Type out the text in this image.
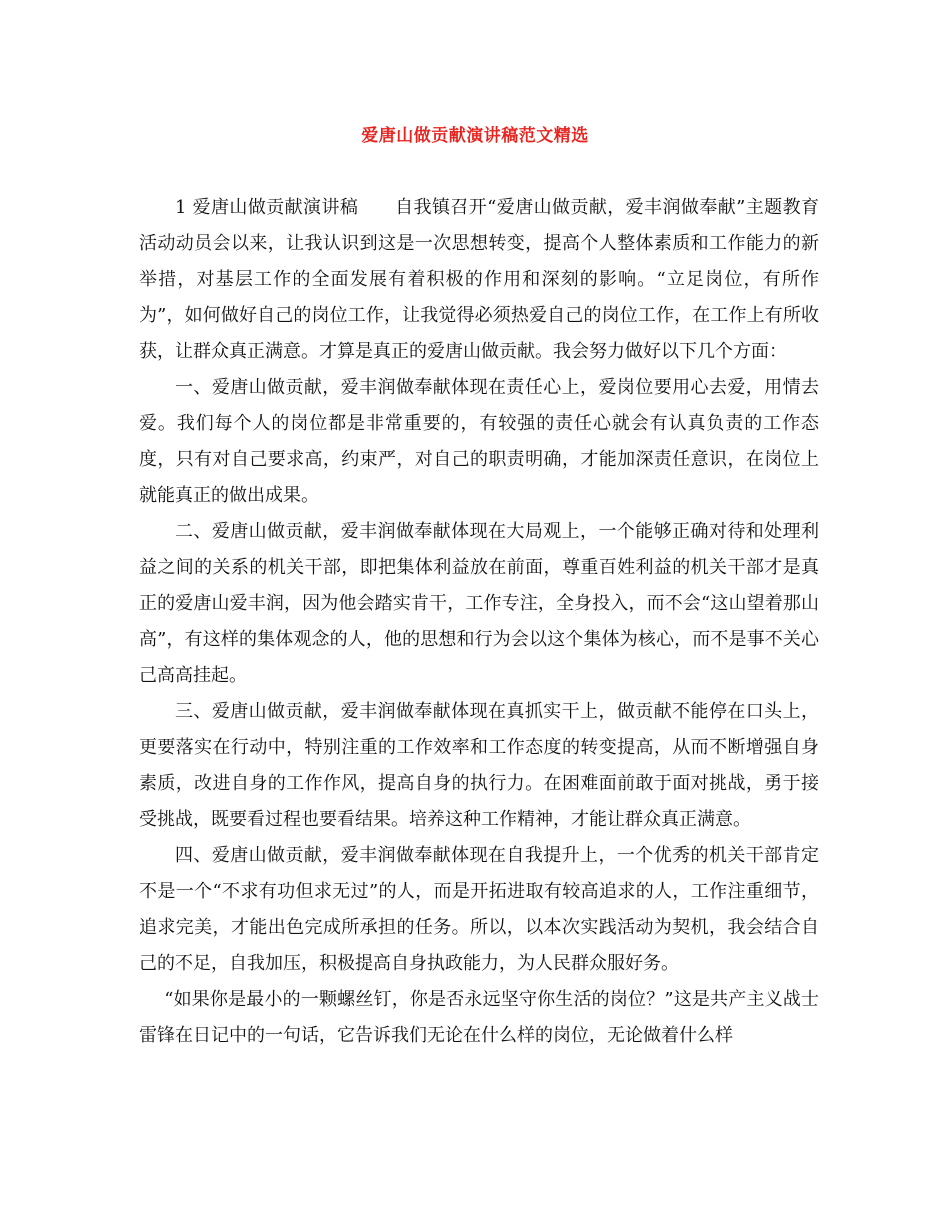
爱唐山做贡献演讲稿范文精选

1 爱唐山做贡献演讲稿　　自我镇召开“爱唐山做贡献，爱丰润做奉献”主题教育活动动员会以来，让我认识到这是一次思想转变，提高个人整体素质和工作能力的新举措，对基层工作的全面发展有着积极的作用和深刻的影响。“立足岗位，有所作为”，如何做好自己的岗位工作，让我觉得必须热爱自己的岗位工作，在工作上有所收获，让群众真正满意。才算是真正的爱唐山做贡献。我会努力做好以下几个方面：

一、爱唐山做贡献，爱丰润做奉献体现在责任心上，爱岗位要用心去爱，用情去爱。我们每个人的岗位都是非常重要的，有较强的责任心就会有认真负责的工作态度，只有对自己要求高，约束严，对自己的职责明确，才能加深责任意识，在岗位上就能真正的做出成果。

二、爱唐山做贡献，爱丰润做奉献体现在大局观上，一个能够正确对待和处理利益之间的关系的机关干部，即把集体利益放在前面，尊重百姓利益的机关干部才是真正的爱唐山爱丰润，因为他会踏实肯干，工作专注，全身投入，而不会“这山望着那山高”，有这样的集体观念的人，他的思想和行为会以这个集体为核心，而不是事不关心己高高挂起。

三、爱唐山做贡献，爱丰润做奉献体现在真抓实干上，做贡献不能停在口头上，更要落实在行动中，特别注重的工作效率和工作态度的转变提高，从而不断增强自身素质，改进自身的工作作风，提高自身的执行力。在困难面前敢于面对挑战，勇于接受挑战，既要看过程也要看结果。培养这种工作精神，才能让群众真正满意。

四、爱唐山做贡献，爱丰润做奉献体现在自我提升上，一个优秀的机关干部肯定不是一个“不求有功但求无过”的人，而是开拓进取有较高追求的人，工作注重细节，追求完美，才能出色完成所承担的任务。所以，以本次实践活动为契机，我会结合自己的不足，自我加压，积极提高自身执政能力，为人民群众服好务。

“如果你是最小的一颗螺丝钉，你是否永远坚守你生活的岗位？”这是共产主义战士雷锋在日记中的一句话，它告诉我们无论在什么样的岗位，无论做着什么样
